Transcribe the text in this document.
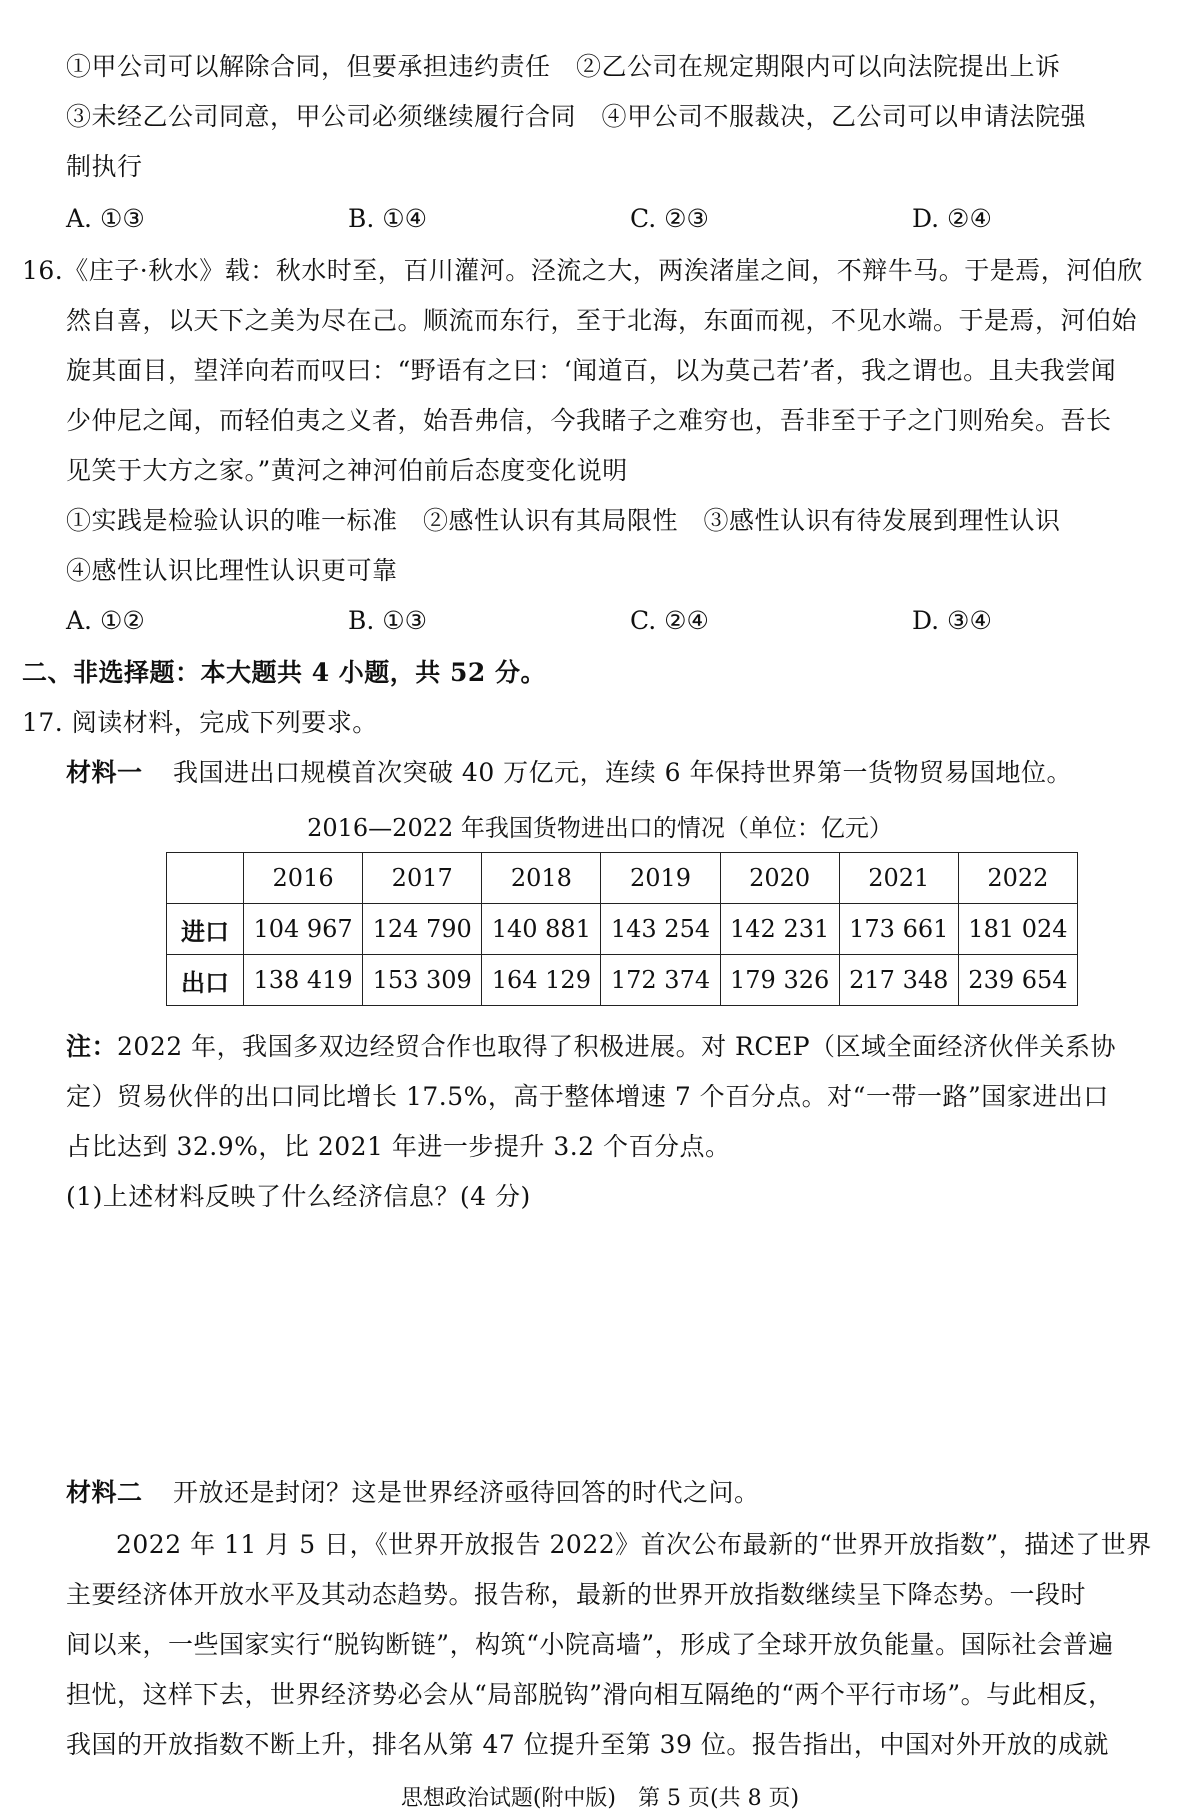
①甲公司可以解除合同，但要承担违约责任　②乙公司在规定期限内可以向法院提出上诉
③未经乙公司同意，甲公司必须继续履行合同　④甲公司不服裁决，乙公司可以申请法院强
制执行
A. ①③	B. ①④	C. ②③	D. ②④
16.《庄子·秋水》载：秋水时至，百川灌河。泾流之大，两涘渚崖之间，不辩牛马。于是焉，河伯欣
然自喜，以天下之美为尽在己。顺流而东行，至于北海，东面而视，不见水端。于是焉，河伯始
旋其面目，望洋向若而叹曰：“野语有之曰：‘闻道百，以为莫己若’者，我之谓也。且夫我尝闻
少仲尼之闻，而轻伯夷之义者，始吾弗信，今我睹子之难穷也，吾非至于子之门则殆矣。吾长
见笑于大方之家。”黄河之神河伯前后态度变化说明
①实践是检验认识的唯一标准　②感性认识有其局限性　③感性认识有待发展到理性认识
④感性认识比理性认识更可靠
A. ①②	B. ①③	C. ②④	D. ③④
二、非选择题：本大题共 4 小题，共 52 分。
17. 阅读材料，完成下列要求。
材料一 我国进出口规模首次突破 40 万亿元，连续 6 年保持世界第一货物贸易国地位。
2016—2022 年我国货物进出口的情况（单位：亿元）
	2016	2017	2018	2019	2020	2021	2022
进口	104 967	124 790	140 881	143 254	142 231	173 661	181 024
出口	138 419	153 309	164 129	172 374	179 326	217 348	239 654
注：2022 年，我国多双边经贸合作也取得了积极进展。对 RCEP（区域全面经济伙伴关系协
定）贸易伙伴的出口同比增长 17.5%，高于整体增速 7 个百分点。对“一带一路”国家进出口
占比达到 32.9%，比 2021 年进一步提升 3.2 个百分点。
(1)上述材料反映了什么经济信息？(4 分)
材料二 开放还是封闭？这是世界经济亟待回答的时代之问。
2022 年 11 月 5 日，《世界开放报告 2022》首次公布最新的“世界开放指数”，描述了世界
主要经济体开放水平及其动态趋势。报告称，最新的世界开放指数继续呈下降态势。一段时
间以来，一些国家实行“脱钩断链”，构筑“小院高墙”，形成了全球开放负能量。国际社会普遍
担忧，这样下去，世界经济势必会从“局部脱钩”滑向相互隔绝的“两个平行市场”。与此相反，
我国的开放指数不断上升，排名从第 47 位提升至第 39 位。报告指出，中国对外开放的成就
思想政治试题(附中版)　第 5 页(共 8 页)
